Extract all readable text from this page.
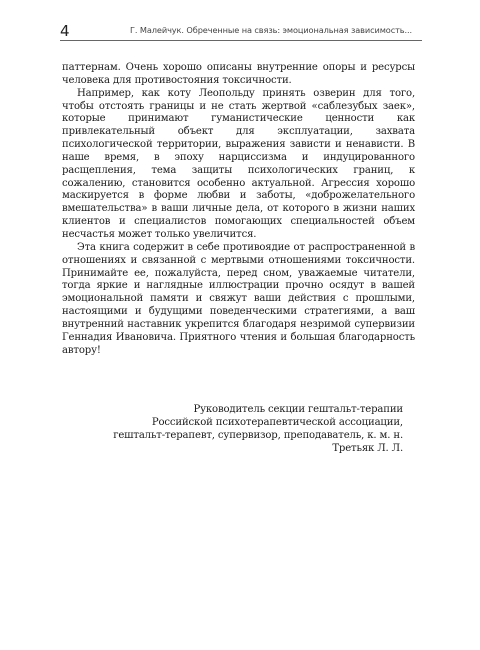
4	Г. Малейчук. Обреченные на связь: эмоциональная зависимость...

паттернам. Очень хорошо описаны внутренние опоры и ресурсы человека для противостояния токсичности.

Например, как коту Леопольду принять озверин для того, чтобы отстоять границы и не стать жертвой «саблезубых заек», которые принимают гуманистические ценности как привлекательный объект для эксплуатации, захвата психологической территории, выражения зависти и ненависти. В наше время, в эпоху нарциссизма и индуцированного расщепления, тема защиты психологических границ, к сожалению, становится особенно актуальной. Агрессия хорошо маскируется в форме любви и заботы, «доброжелательного вмешательства» в ваши личные дела, от которого в жизни наших клиентов и специалистов помогающих специальностей объем несчастья может только увеличится.

Эта книга содержит в себе противоядие от распространенной в отношениях и связанной с мертвыми отношениями токсичности. Принимайте ее, пожалуйста, перед сном, уважаемые читатели, тогда яркие и наглядные иллюстрации прочно осядут в вашей эмоциональной памяти и свяжут ваши действия с прошлыми, настоящими и будущими поведенческими стратегиями, а ваш внутренний наставник укрепится благодаря незримой супервизии Геннадия Ивановича. Приятного чтения и большая благодарность автору!

Руководитель секции гештальт-терапии
Российской психотерапевтической ассоциации,
гештальт-терапевт, супервизор, преподаватель, к. м. н.
Третьяк Л. Л.
